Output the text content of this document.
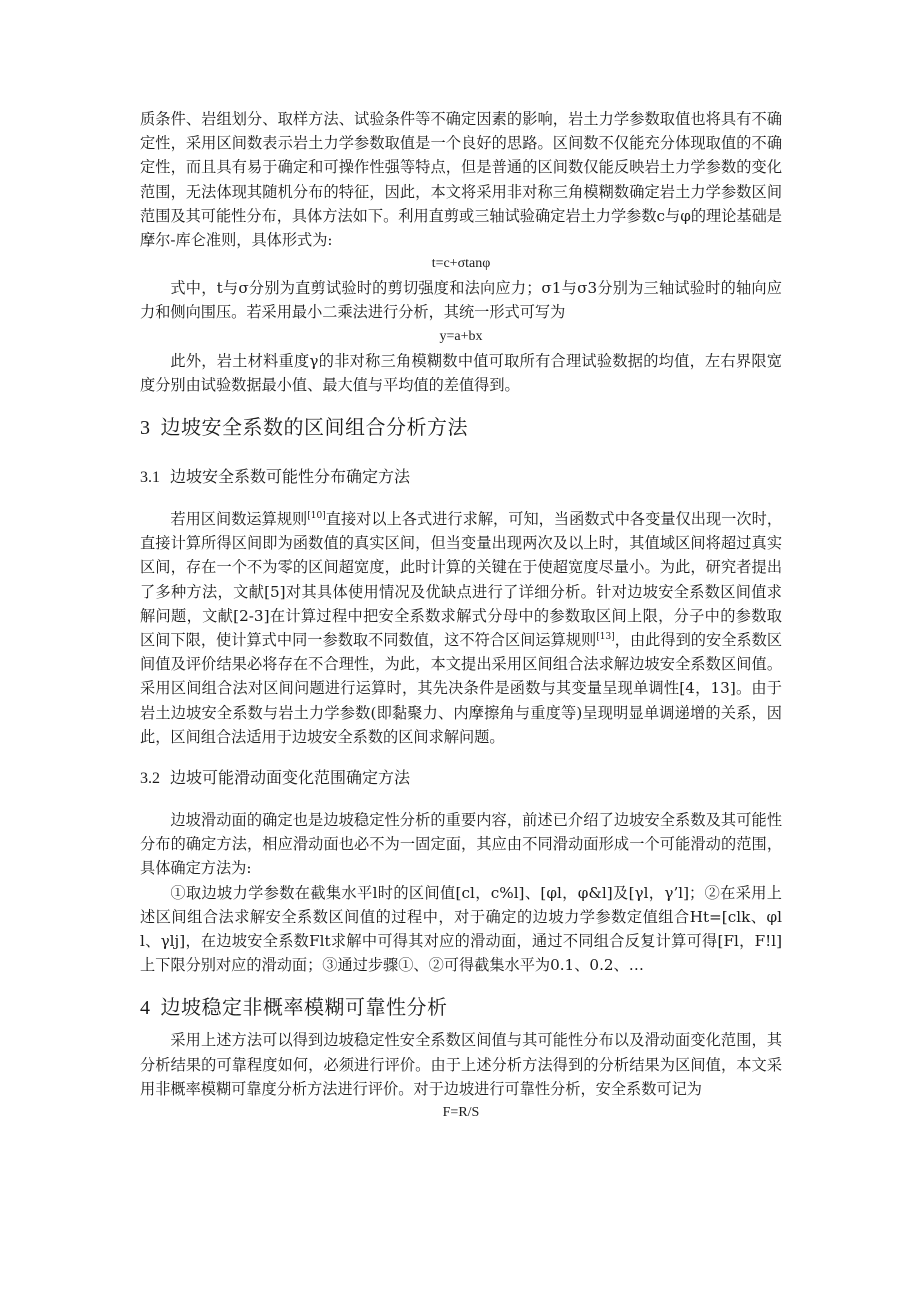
质条件、岩组划分、取样方法、试验条件等不确定因素的影响，岩土力学参数取值也将具有不确定性，采用区间数表示岩土力学参数取值是一个良好的思路。区间数不仅能充分体现取值的不确定性，而且具有易于确定和可操作性强等特点，但是普通的区间数仅能反映岩土力学参数的变化范围，无法体现其随机分布的特征，因此，本文将采用非对称三角模糊数确定岩土力学参数区间范围及其可能性分布，具体方法如下。利用直剪或三轴试验确定岩土力学参数c与φ的理论基础是摩尔-库仑准则，具体形式为:

t=c+σtanφ

式中，t与σ分别为直剪试验时的剪切强度和法向应力；σ1与σ3分别为三轴试验时的轴向应力和侧向围压。若采用最小二乘法进行分析，其统一形式可写为

y=a+bx

此外，岩土材料重度γ的非对称三角模糊数中值可取所有合理试验数据的均值，左右界限宽度分别由试验数据最小值、最大值与平均值的差值得到。

3 边坡安全系数的区间组合分析方法
3.1 边坡安全系数可能性分布确定方法

若用区间数运算规则[10]直接对以上各式进行求解，可知，当函数式中各变量仅出现一次时，直接计算所得区间即为函数值的真实区间，但当变量出现两次及以上时，其值域区间将超过真实区间，存在一个不为零的区间超宽度，此时计算的关键在于使超宽度尽量小。为此，研究者提出了多种方法，文献[5]对其具体使用情况及优缺点进行了详细分析。针对边坡安全系数区间值求解问题，文献[2-3]在计算过程中把安全系数求解式分母中的参数取区间上限，分子中的参数取区间下限，使计算式中同一参数取不同数值，这不符合区间运算规则[13]，由此得到的安全系数区间值及评价结果必将存在不合理性，为此，本文提出采用区间组合法求解边坡安全系数区间值。采用区间组合法对区间问题进行运算时，其先决条件是函数与其变量呈现单调性[4，13]。由于岩土边坡安全系数与岩土力学参数(即黏聚力、内摩擦角与重度等)呈现明显单调递增的关系，因此，区间组合法适用于边坡安全系数的区间求解问题。

3.2 边坡可能滑动面变化范围确定方法

边坡滑动面的确定也是边坡稳定性分析的重要内容，前述已介绍了边坡安全系数及其可能性分布的确定方法，相应滑动面也必不为一固定面，其应由不同滑动面形成一个可能滑动的范围，具体确定方法为:

①取边坡力学参数在截集水平l时的区间值[cl，c%l]、[φl，φ&l]及[γl，γ’l]；②在采用上述区间组合法求解安全系数区间值的过程中，对于确定的边坡力学参数定值组合Ht=[clk、φll、γlj]，在边坡安全系数Flt求解中可得其对应的滑动面，通过不同组合反复计算可得[Fl，F!l]上下限分别对应的滑动面；③通过步骤①、②可得截集水平为0.1、0.2、…

4 边坡稳定非概率模糊可靠性分析

采用上述方法可以得到边坡稳定性安全系数区间值与其可能性分布以及滑动面变化范围，其分析结果的可靠程度如何，必须进行评价。由于上述分析方法得到的分析结果为区间值，本文采用非概率模糊可靠度分析方法进行评价。对于边坡进行可靠性分析，安全系数可记为

F=R/S
